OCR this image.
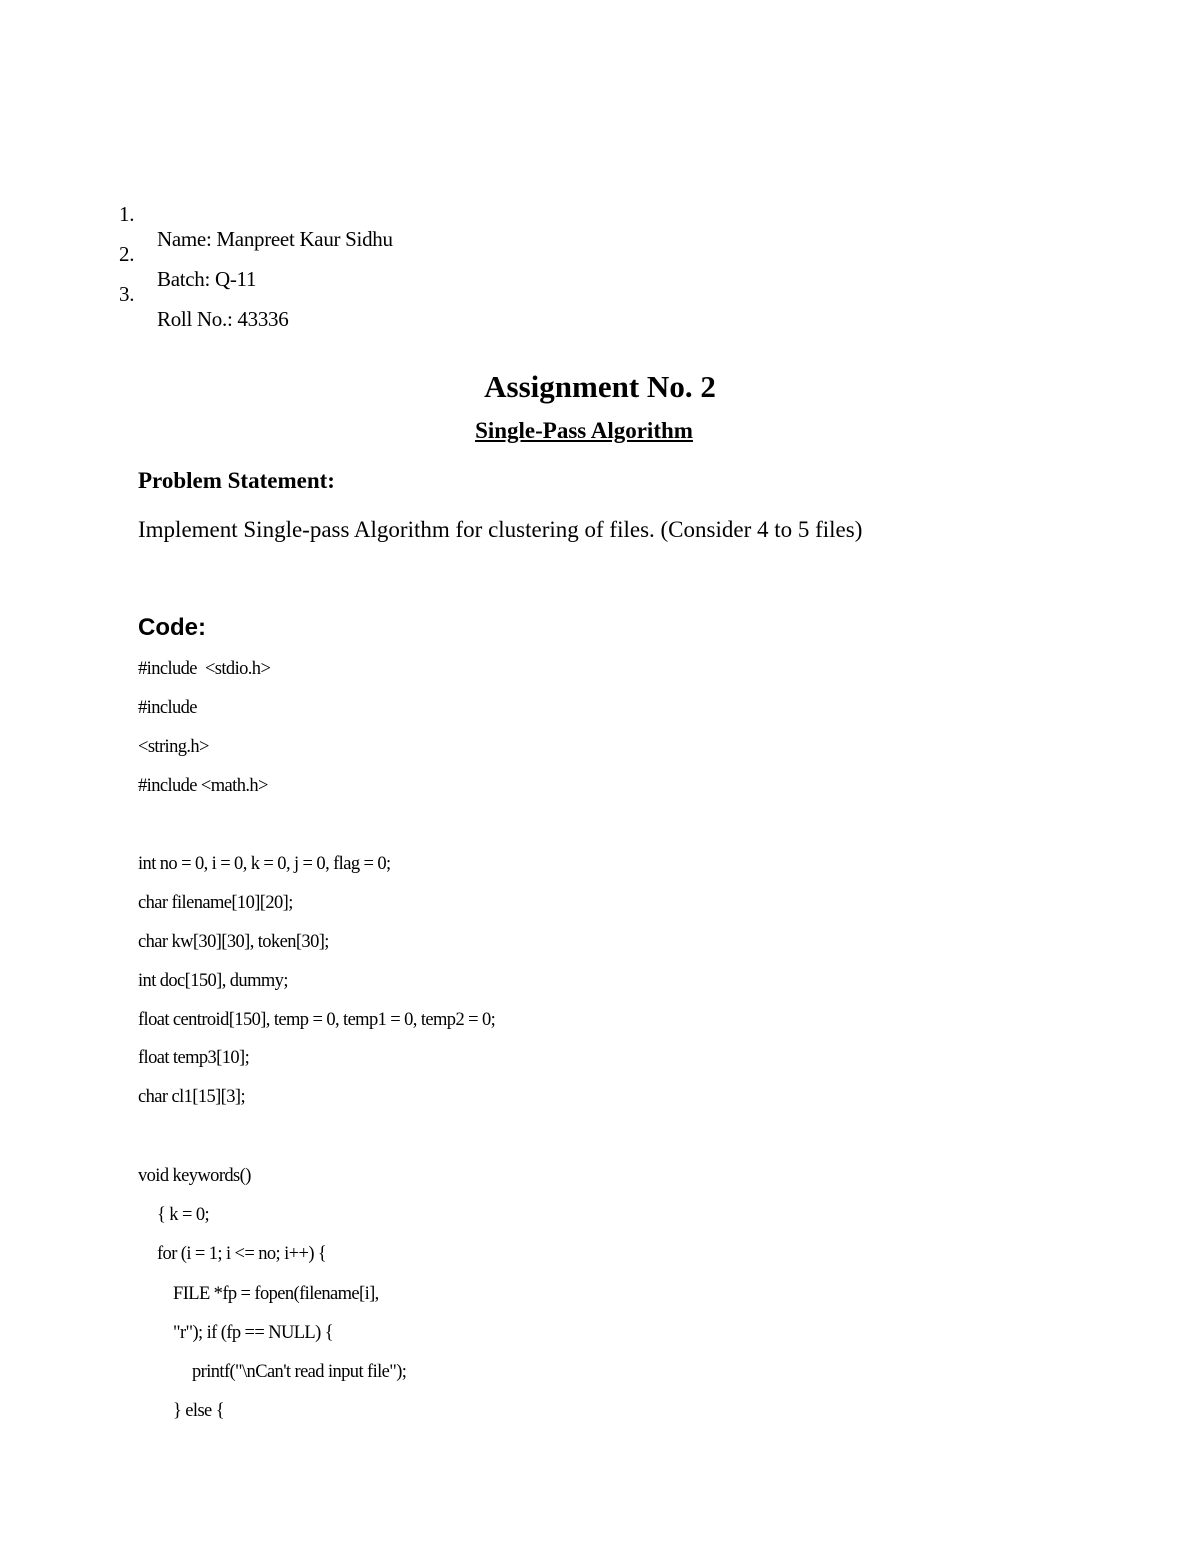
1.

Name: Manpreet Kaur Sidhu

2.

Batch: Q-11

3.

Roll No.: 43336

Assignment No. 2
Single-Pass Algorithm
Problem Statement:
Implement Single-pass Algorithm for clustering of files. (Consider 4 to 5 files)
Code:
#include  <stdio.h>
#include
<string.h>
#include <math.h>
int no = 0, i = 0, k = 0, j = 0, flag = 0;
char filename[10][20];
char kw[30][30], token[30];
int doc[150], dummy;
float centroid[150], temp = 0, temp1 = 0, temp2 = 0;
float temp3[10];
char cl1[15][3];
void keywords()
{ k = 0;
for (i = 1; i <= no; i++) {
FILE *fp = fopen(filename[i],
"r"); if (fp == NULL) {
printf("\nCan't read input file");
} else {
